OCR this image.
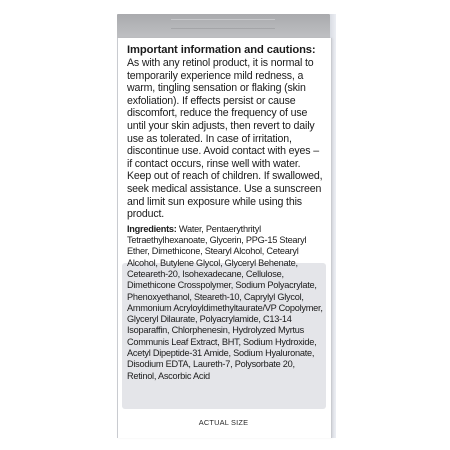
Important information and cautions:

As with any retinol product, it is normal to temporarily experience mild redness, a warm, tingling sensation or flaking (skin exfoliation). If effects persist or cause discomfort, reduce the frequency of use until your skin adjusts, then revert to daily use as tolerated. In case of irritation, discontinue use. Avoid contact with eyes – if contact occurs, rinse well with water. Keep out of reach of children. If swallowed, seek medical assistance. Use a sunscreen and limit sun exposure while using this product.

Ingredients: Water, Pentaerythrityl Tetraethylhexanoate, Glycerin, PPG-15 Stearyl Ether, Dimethicone, Stearyl Alcohol, Cetearyl Alcohol, Butylene Glycol, Glyceryl Behenate, Ceteareth-20, Isohexadecane, Cellulose, Dimethicone Crosspolymer, Sodium Polyacrylate, Phenoxyethanol, Steareth-10, Caprylyl Glycol, Ammonium Acryloyldimethyltaurate/VP Copolymer, Glyceryl Dilaurate, Polyacrylamide, C13-14 Isoparaffin, Chlorphenesin, Hydrolyzed Myrtus Communis Leaf Extract, BHT, Sodium Hydroxide, Acetyl Dipeptide-31 Amide, Sodium Hyaluronate, Disodium EDTA, Laureth-7, Polysorbate 20, Retinol, Ascorbic Acid

ACTUAL SIZE
